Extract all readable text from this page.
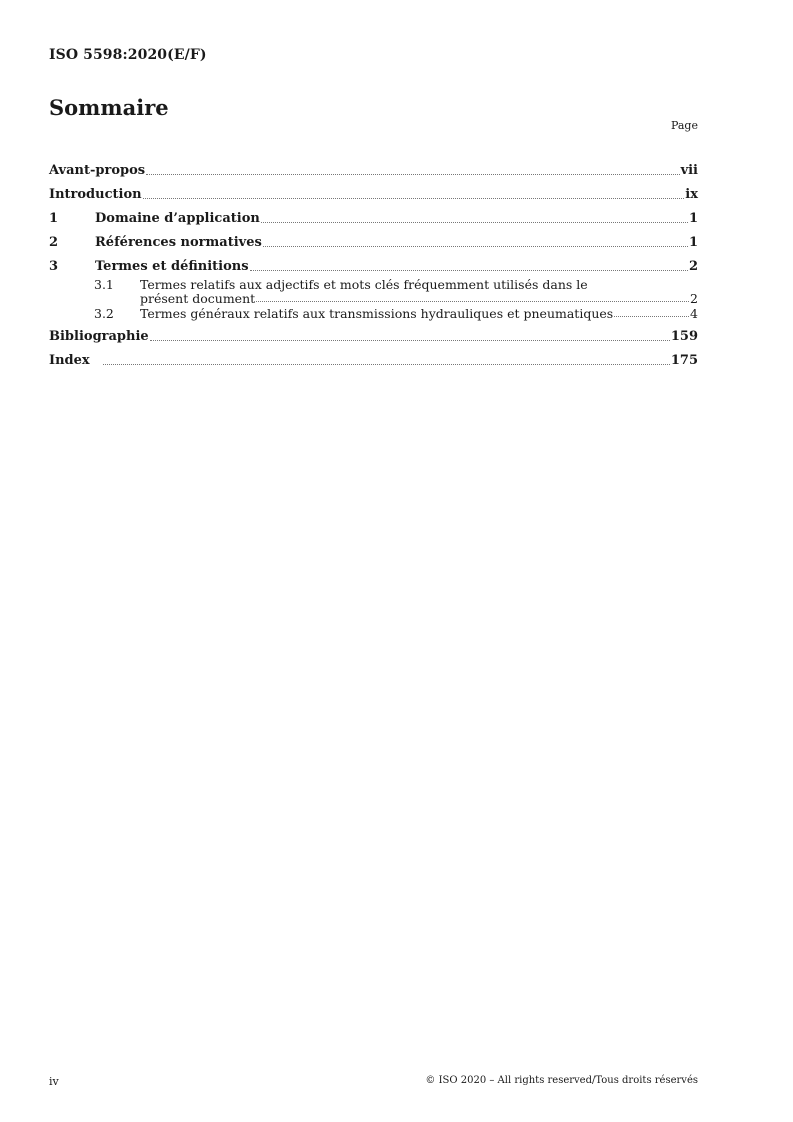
ISO 5598:2020(E/F)
Sommaire
Page
Avant-propos	vii
Introduction	ix
1	Domaine d’application	1
2	Références normatives	1
3	Termes et définitions	2
3.1	Termes relatifs aux adjectifs et mots clés fréquemment utilisés dans le
présent document	2
3.2	Termes généraux relatifs aux transmissions hydrauliques et pneumatiques	4
Bibliographie	159
Index	175
iv	© ISO 2020 – All rights reserved/Tous droits réservés
